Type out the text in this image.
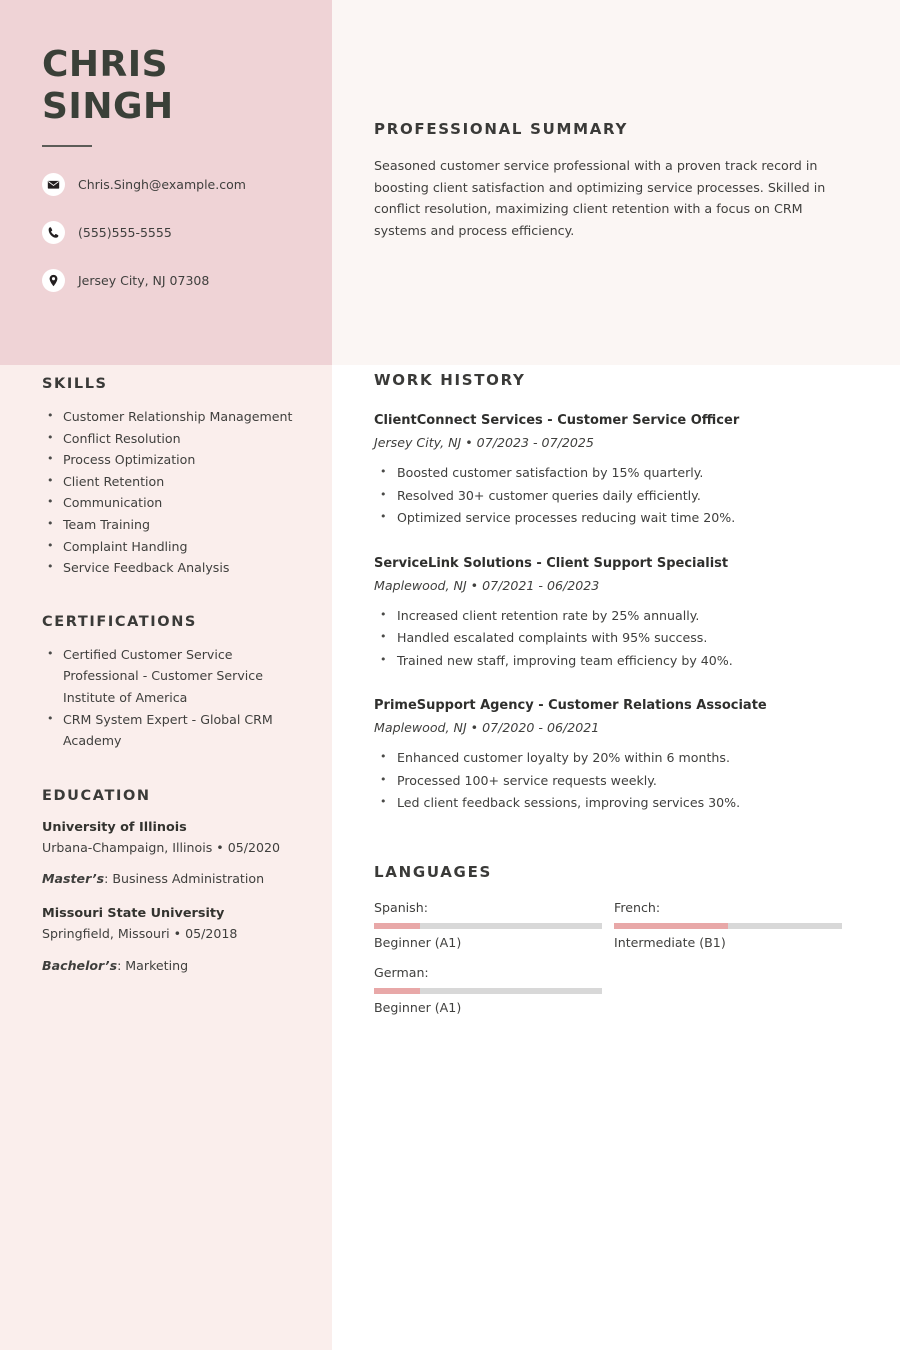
CHRIS
SINGH
Chris.Singh@example.com
(555)555-5555
Jersey City, NJ 07308
SKILLS
• Customer Relationship Management
• Conflict Resolution
• Process Optimization
• Client Retention
• Communication
• Team Training
• Complaint Handling
• Service Feedback Analysis
CERTIFICATIONS
• Certified Customer Service Professional - Customer Service Institute of America
• CRM System Expert - Global CRM Academy
EDUCATION
University of Illinois
Urbana-Champaign, Illinois • 05/2020
Master’s: Business Administration
Missouri State University
Springfield, Missouri • 05/2018
Bachelor’s: Marketing
PROFESSIONAL SUMMARY
Seasoned customer service professional with a proven track record in boosting client satisfaction and optimizing service processes. Skilled in conflict resolution, maximizing client retention with a focus on CRM systems and process efficiency.
WORK HISTORY
ClientConnect Services - Customer Service Officer
Jersey City, NJ • 07/2023 - 07/2025
• Boosted customer satisfaction by 15% quarterly.
• Resolved 30+ customer queries daily efficiently.
• Optimized service processes reducing wait time 20%.
ServiceLink Solutions - Client Support Specialist
Maplewood, NJ • 07/2021 - 06/2023
• Increased client retention rate by 25% annually.
• Handled escalated complaints with 95% success.
• Trained new staff, improving team efficiency by 40%.
PrimeSupport Agency - Customer Relations Associate
Maplewood, NJ • 07/2020 - 06/2021
• Enhanced customer loyalty by 20% within 6 months.
• Processed 100+ service requests weekly.
• Led client feedback sessions, improving services 30%.
LANGUAGES
Spanish:
Beginner (A1)
French:
Intermediate (B1)
German:
Beginner (A1)
